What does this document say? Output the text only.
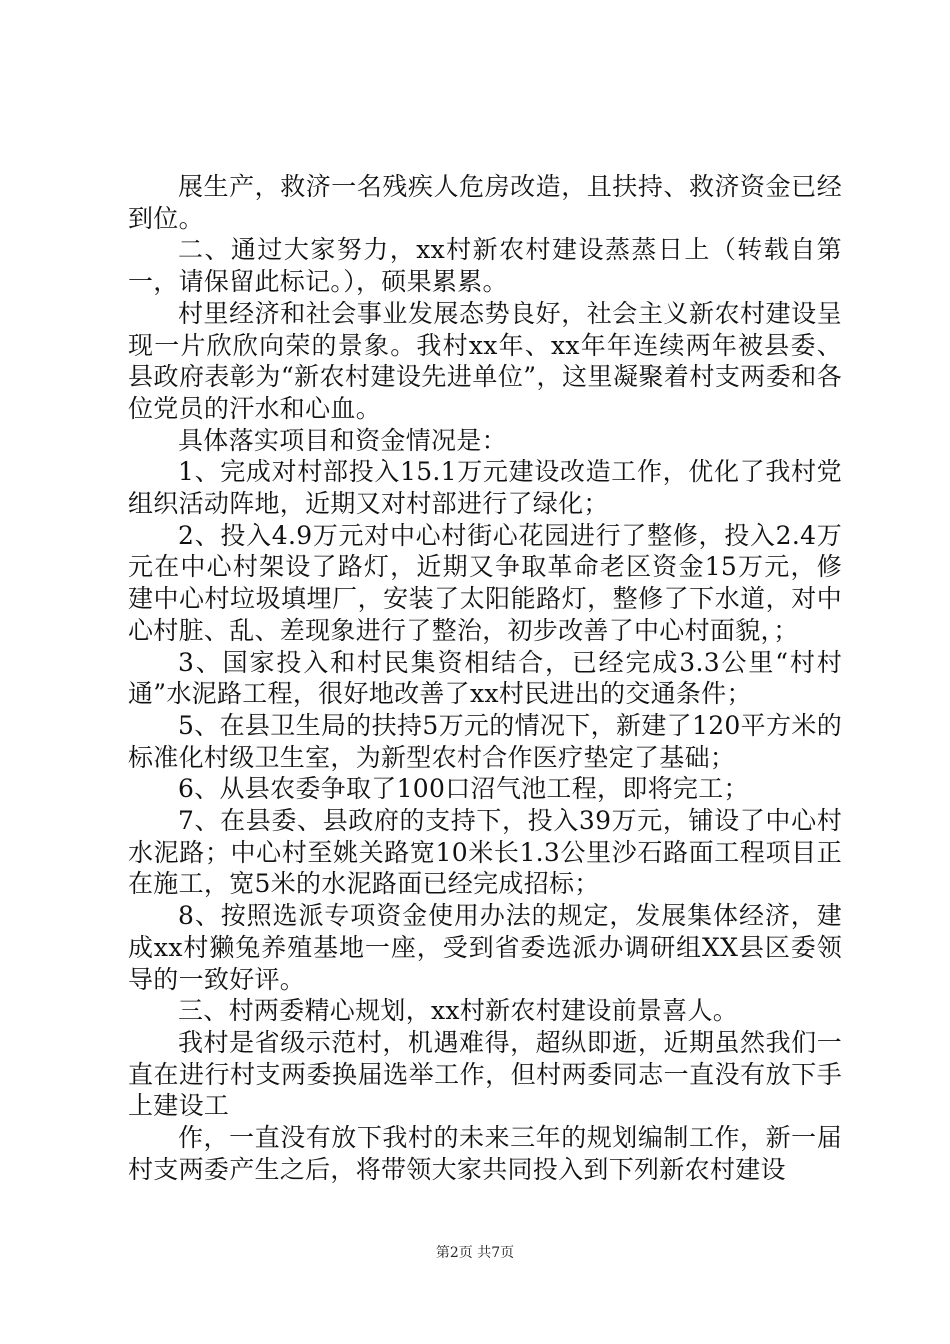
展生产，救济一名残疾人危房改造，且扶持、救济资金已经到位。

二、通过大家努力，xx村新农村建设蒸蒸日上（转载自第一，请保留此标记。），硕果累累。

村里经济和社会事业发展态势良好，社会主义新农村建设呈现一片欣欣向荣的景象。我村xx年、xx年年连续两年被县委、县政府表彰为“新农村建设先进单位”，这里凝聚着村支两委和各位党员的汗水和心血。

具体落实项目和资金情况是：

1、完成对村部投入15.1万元建设改造工作，优化了我村党组织活动阵地，近期又对村部进行了绿化；

2、投入4.9万元对中心村街心花园进行了整修，投入2.4万元在中心村架设了路灯，近期又争取革命老区资金15万元，修建中心村垃圾填埋厂，安装了太阳能路灯，整修了下水道，对中心村脏、乱、差现象进行了整治，初步改善了中心村面貌，；

3、国家投入和村民集资相结合，已经完成3.3公里“村村通”水泥路工程，很好地改善了xx村民进出的交通条件；

5、在县卫生局的扶持5万元的情况下，新建了120平方米的标准化村级卫生室，为新型农村合作医疗垫定了基础；

6、从县农委争取了100口沼气池工程，即将完工；

7、在县委、县政府的支持下，投入39万元，铺设了中心村水泥路；中心村至姚关路宽10米长1.3公里沙石路面工程项目正在施工，宽5米的水泥路面已经完成招标；

8、按照选派专项资金使用办法的规定，发展集体经济，建成xx村獭兔养殖基地一座，受到省委选派办调研组XX县区委领导的一致好评。

三、村两委精心规划，xx村新农村建设前景喜人。

我村是省级示范村，机遇难得，超纵即逝，近期虽然我们一直在进行村支两委换届选举工作，但村两委同志一直没有放下手上建设工

作，一直没有放下我村的未来三年的规划编制工作，新一届村支两委产生之后，将带领大家共同投入到下列新农村建设

第2页 共7页
